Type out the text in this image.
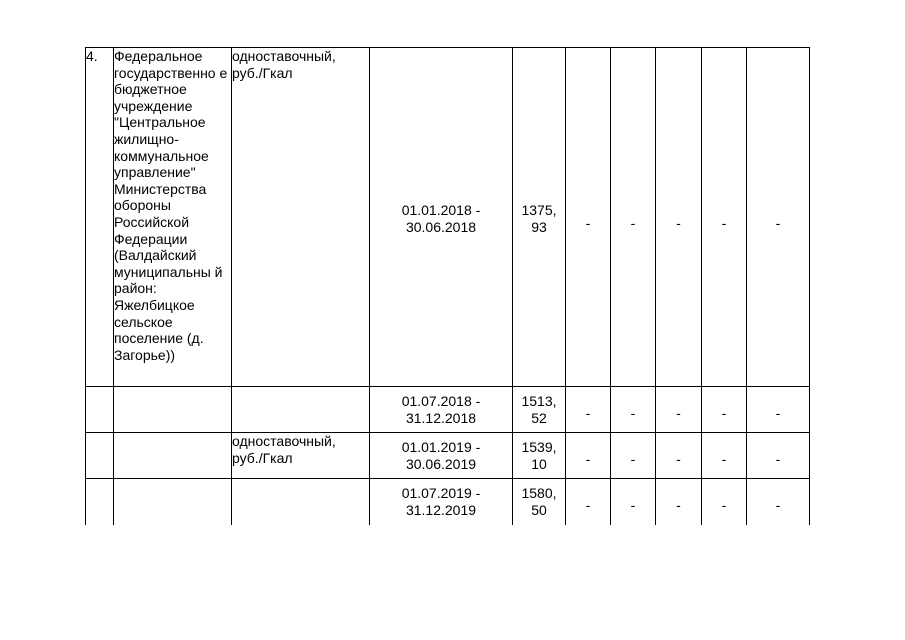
4.	Федеральное государственно е бюджетное учреждение "Центральное жилищно-коммунальное управление" Министерства обороны Российской Федерации (Валдайский муниципальны й район: Яжелбицкое сельское поселение (д. Загорье))	одноставочный, руб./Гкал	01.01.2018 - 30.06.2018	1375, 93	-	-	-	-	-

			01.07.2018 - 31.12.2018	1513, 52	-	-	-	-	-

		одноставочный, руб./Гкал	01.01.2019 - 30.06.2019	1539, 10	-	-	-	-	-

			01.07.2019 - 31.12.2019	1580, 50	-	-	-	-	-
